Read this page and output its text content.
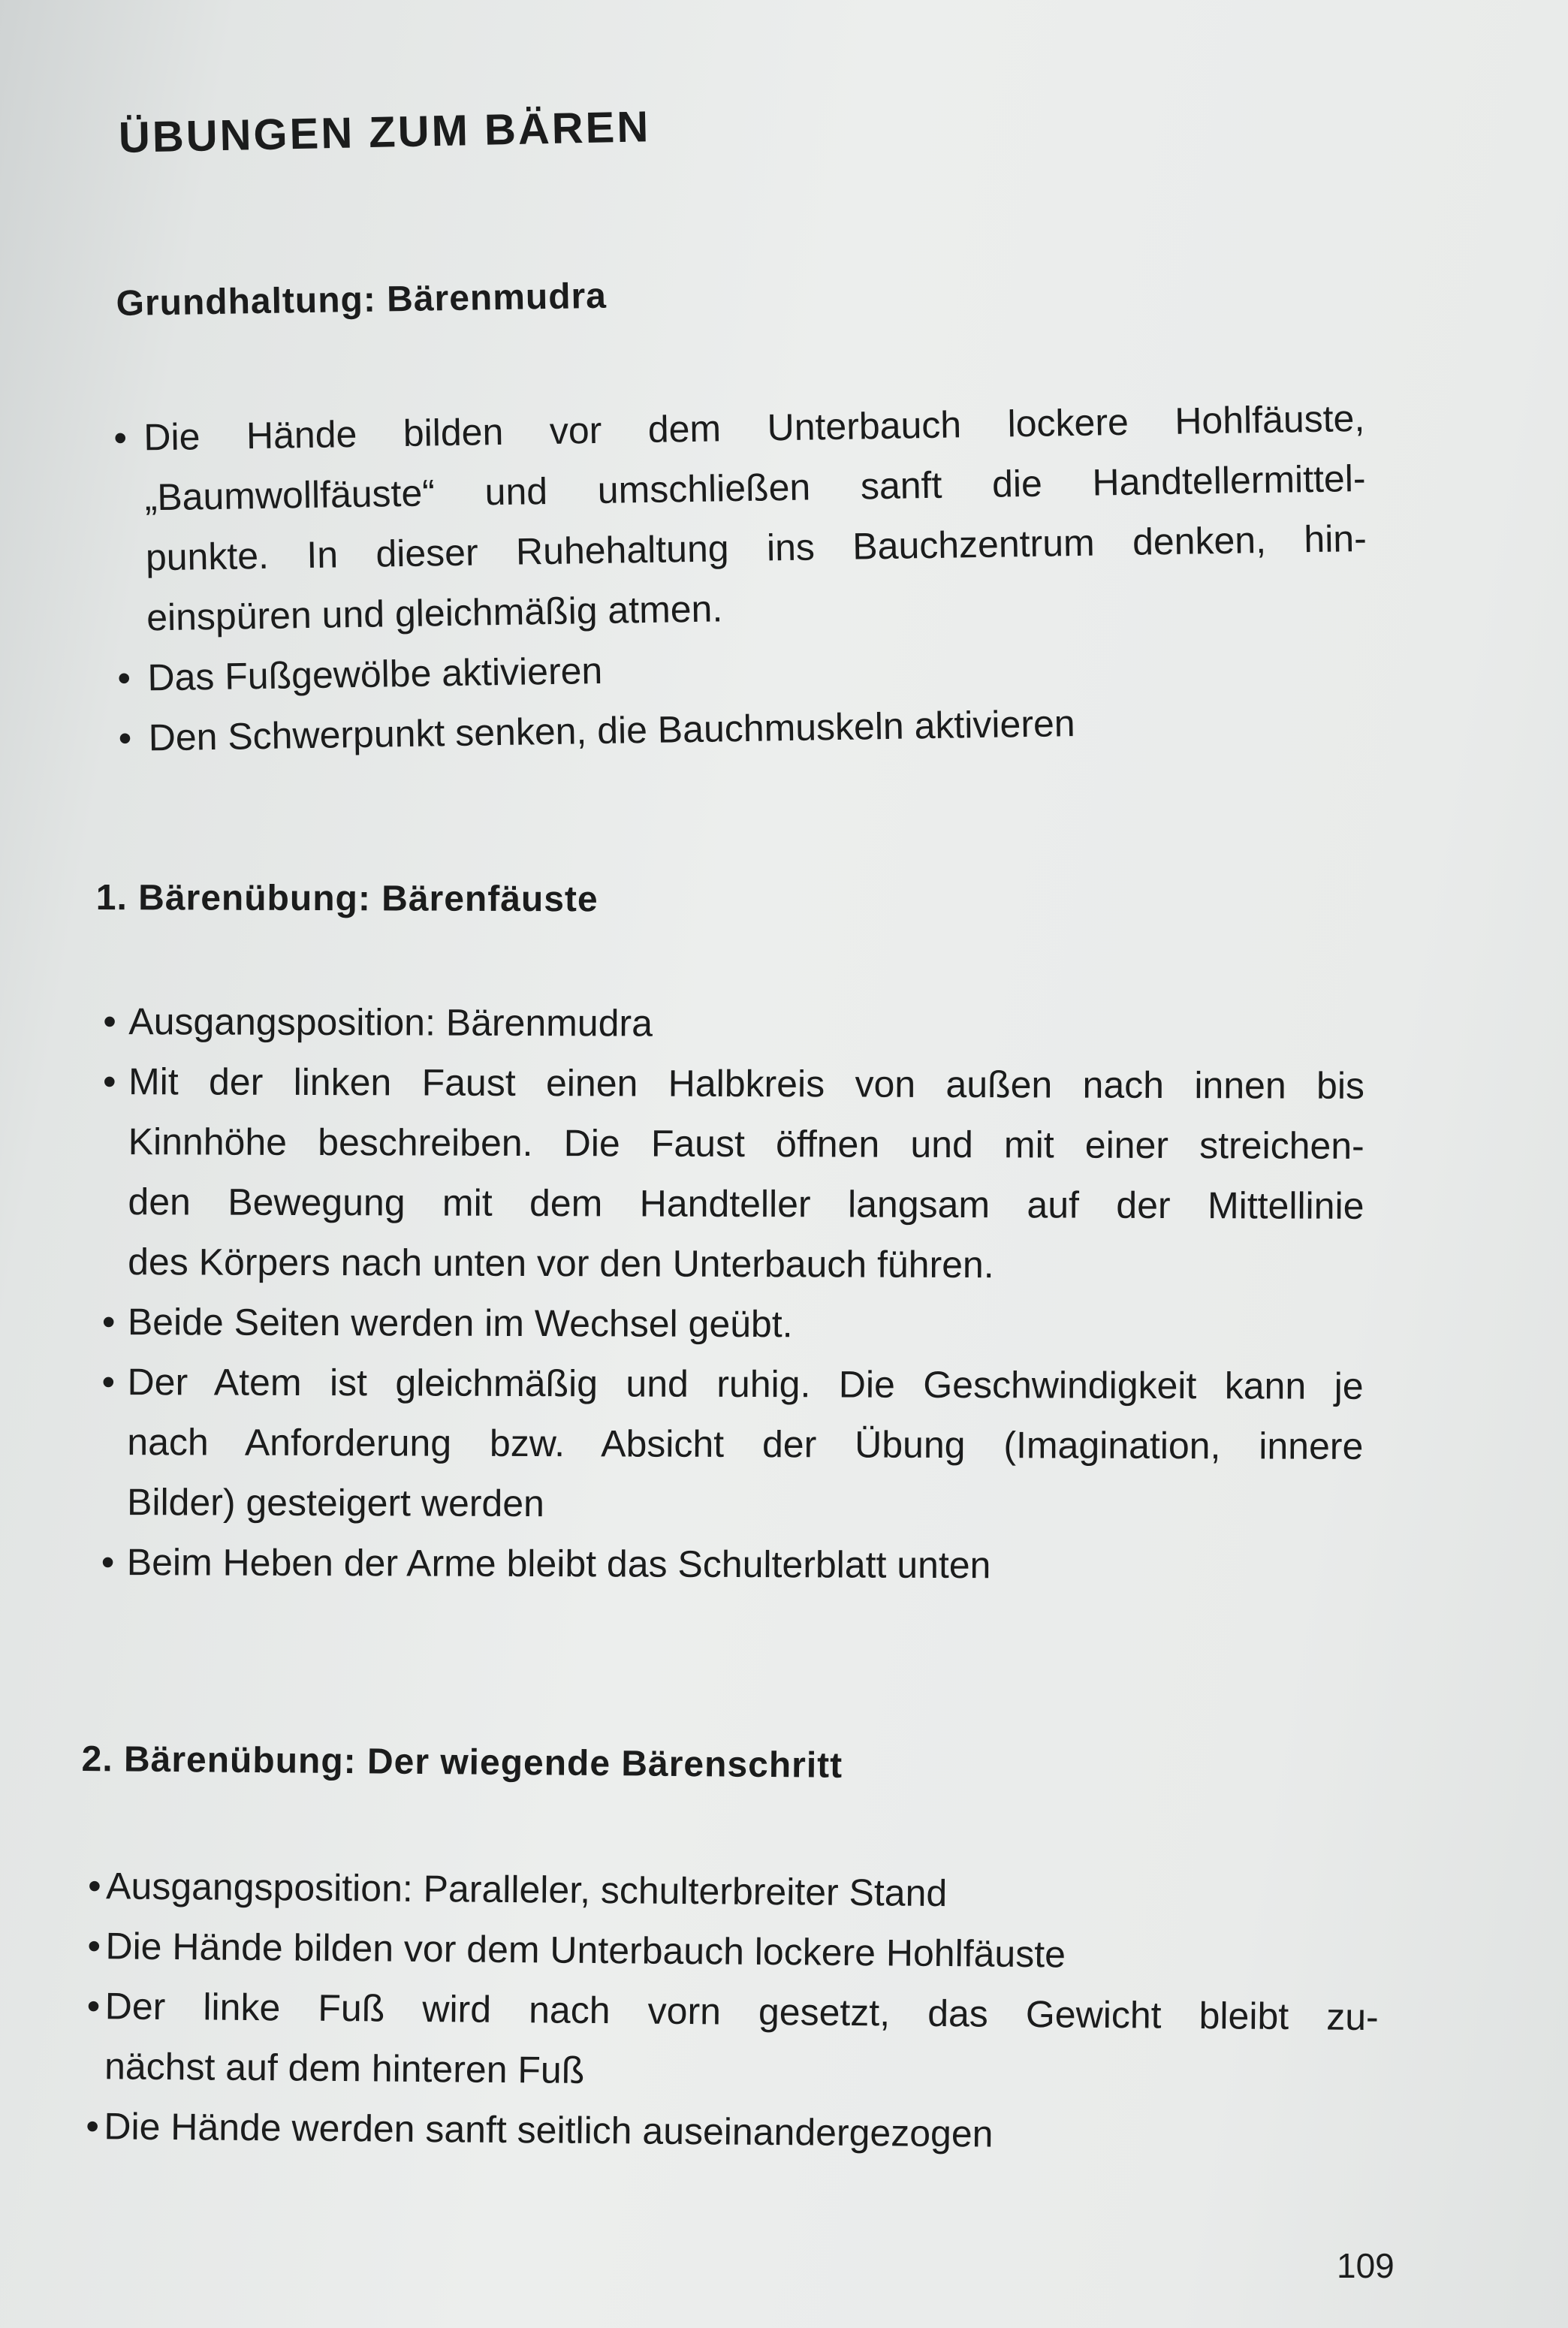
ÜBUNGEN ZUM BÄREN
Grundhaltung: Bärenmudra
• Die Hände bilden vor dem Unterbauch lockere Hohlfäuste,
„Baumwollfäuste“ und umschließen sanft die Handtellermittel-
punkte. In dieser Ruhehaltung ins Bauchzentrum denken, hin-
einspüren und gleichmäßig atmen.
• Das Fußgewölbe aktivieren
• Den Schwerpunkt senken, die Bauchmuskeln aktivieren
1. Bärenübung: Bärenfäuste
• Ausgangsposition: Bärenmudra
• Mit der linken Faust einen Halbkreis von außen nach innen bis
Kinnhöhe beschreiben. Die Faust öffnen und mit einer streichen-
den Bewegung mit dem Handteller langsam auf der Mittellinie
des Körpers nach unten vor den Unterbauch führen.
• Beide Seiten werden im Wechsel geübt.
• Der Atem ist gleichmäßig und ruhig. Die Geschwindigkeit kann je
nach Anforderung bzw. Absicht der Übung (Imagination, innere
Bilder) gesteigert werden
• Beim Heben der Arme bleibt das Schulterblatt unten
2. Bärenübung: Der wiegende Bärenschritt
• Ausgangsposition: Paralleler, schulterbreiter Stand
• Die Hände bilden vor dem Unterbauch lockere Hohlfäuste
• Der linke Fuß wird nach vorn gesetzt, das Gewicht bleibt zu-
nächst auf dem hinteren Fuß
• Die Hände werden sanft seitlich auseinandergezogen
109
